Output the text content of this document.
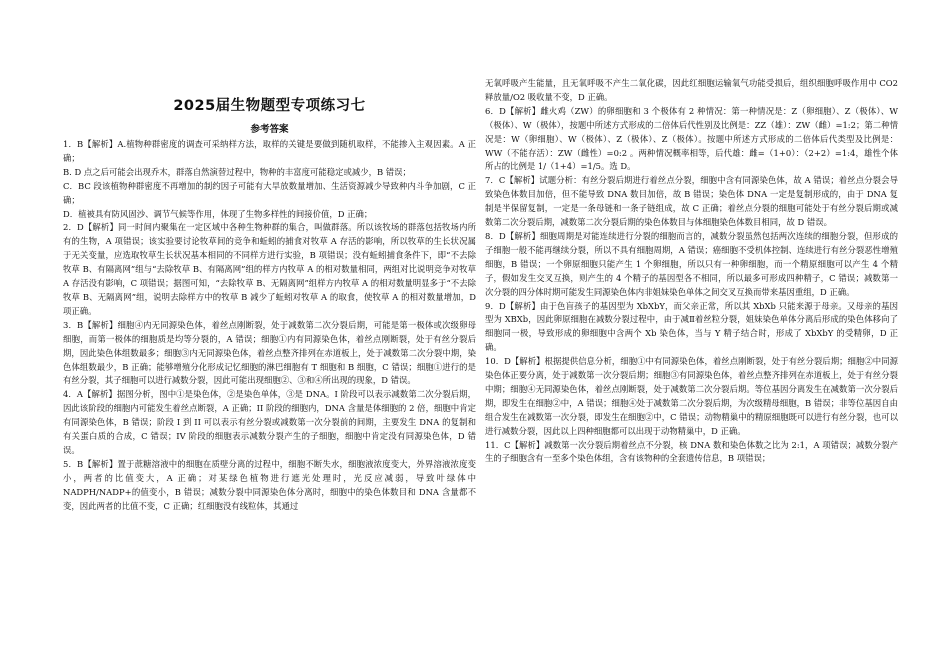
2025届生物题型专项练习七
参考答案

1．B【解析】A.植物种群密度的调查可采纳样方法，取样的关键是要做到随机取样，不能掺入主观因素。A 正确；

B. D 点之后可能会出现乔木，群落自然演替过程中，物种的丰富度可能稳定或减少，B 错误；

C．BC 段该植物种群密度不再增加的制约因子可能有大旱放数量增加、生活资源减少导致种内斗争加剧，C 正确；

D．植被具有防风固沙、调节气候等作用，体现了生物多样性的间接价值，D 正确；

2．D【解析】同一时间内聚集在一定区域中各种生物种群的集合，叫做群落。所以该牧场的群落包括牧场内所有的生物，A 项错误；该实验要讨论牧草间的竞争和蚯蚓的捕食对牧草 A 存活的影响，所以牧草的生长状况属于无关变量，应选取牧草生长状况基本相同的不同样方进行实验，B 项错误；没有蚯蚓捕食条件下，即“不去除牧草 B、有隔离网”组与“去除牧草 B、有隔离网”组的样方内牧草 A 的相对数量相同，两组对比说明竞争对牧草 A 存活没有影响，C 项错误；据图可知，“去除牧草 B、无隔离网”组样方内牧草 A 的相对数量明显多于“不去除牧草 B、无隔离网”组，说明去除样方中的牧草 B 减少了蚯蚓对牧草 A 的取食，使牧草 A 的相对数量增加，D 项正确。

3．B【解析】细胞④内无同源染色体，着丝点刚断裂，处于减数第二次分裂后期，可能是第一极体或次级卵母细胞，而第一极体的细胞质是均等分裂的，A 错误；细胞①内有同源染色体，着丝点刚断裂，处于有丝分裂后期，因此染色体组数最多；细胞③内无同源染色体，着丝点整齐排列在赤道板上，处于减数第二次分裂中期，染色体组数最少，B 正确；能够增殖分化形成记忆细胞的淋巴细胞有 T 细胞和 B 细胞，C 错误；细胞①进行的是有丝分裂，其子细胞可以进行减数分裂，因此可能出现细胞②、③和④所出现的现象，D 错误。

4．A【解析】据图分析，图中①是染色体，②是染色单体，③是 DNA。I 阶段可以表示减数第二次分裂后期，因此该阶段的细胞内可能发生着丝点断裂，A 正确；II 阶段的细胞内，DNA 含量是体细胞的 2 倍，细胞中肯定有同源染色体，B 错误；阶段 I 到 II 可以表示有丝分裂或减数第一次分裂前的间期，主要发生 DNA 的复制和有关蛋白质的合成，C 错误；IV 阶段的细胞表示减数分裂产生的子细胞，细胞中肯定没有同源染色体，D 错误。

5．B【解析】置于蔗糖溶液中的细胞在质壁分离的过程中，细胞不断失水，细胞液浓度变大，外界溶液浓度变小，两者的比值变大，A 正确；对某绿色植物进行遮光处理时，光反应减弱，导致叶绿体中 NADPH/NADP+的值变小，B 错误；减数分裂中同源染色体分离时，细胞中的染色体数目和 DNA 含量都不变，因此两者的比值不变，C 正确；红细胞没有线粒体，其通过

无氧呼吸产生能量，且无氧呼吸不产生二氧化碳，因此红细胞运输氧气功能受损后，组织细胞呼吸作用中 CO2 释放量/O2 吸收量不变，D 正确。

6．D【解析】雌火鸡（ZW）的卵细胞和 3 个极体有 2 种情况：第一种情况是：Z（卵细胞）、Z（极体）、W（极体）、W（极体），按题中所述方式形成的二倍体后代性别及比例是：ZZ（雄）：ZW（雌）=1:2；第二种情况是：W（卵细胞）、W（极体）、Z（极体）、Z（极体）。按题中所述方式形成的二倍体后代类型及比例是：WW（不能存活）：ZW（雌性）=0:2 。两种情况概率相等，后代雄：雌=（1+0）：（2+2）=1:4，雄性个体所占的比例是 1/（1+4）=1/5。选 D。

7．C【解析】试题分析：有丝分裂后期进行着丝点分裂，细胞中含有同源染色体，故 A 错误；着丝点分裂会导致染色体数目加倍，但不能导致 DNA 数目加倍，故 B 错误；染色体 DNA 一定是复制形成的，由于 DNA 复制是半保留复制，一定是一条母链和一条子链组成，故 C 正确；着丝点分裂的细胞可能处于有丝分裂后期或减数第二次分裂后期，减数第二次分裂后期的染色体数目与体细胞染色体数目相同，故 D 错误。

8．D【解析】细胞周期是对能连续进行分裂的细胞而言的，减数分裂虽然包括两次连续的细胞分裂，但形成的子细胞一般不能再继续分裂，所以不具有细胞周期，A 错误；癌细胞不受机体控制、连续进行有丝分裂恶性增殖细胞，B 错误；一个卵原细胞只能产生 1 个卵细胞，所以只有一种卵细胞，而一个精原细胞可以产生 4 个精子，假如发生交叉互换，则产生的 4 个精子的基因型各不相同，所以最多可形成四种精子，C 错误；减数第一次分裂的四分体时期可能发生同源染色体内非姐妹染色单体之间交叉互换而带来基因重组，D 正确。

9．D【解析】由于色盲孩子的基因型为 XbXbY，而父亲正常，所以其 XbXb 只能来源于母亲。又母亲的基因型为 XBXb，因此卵原细胞在减数分裂过程中，由于减Ⅱ着丝粒分裂，姐妹染色单体分离后形成的染色体移向了细胞同一极，导致形成的卵细胞中含两个 Xb 染色体，当与 Y 精子结合时，形成了 XbXbY 的受精卵，D 正确。

10．D【解析】根据提供信息分析，细胞①中有同源染色体，着丝点刚断裂，处于有丝分裂后期；细胞②中同源染色体正要分离，处于减数第一次分裂后期；细胞③有同源染色体，着丝点整齐排列在赤道板上，处于有丝分裂中期；细胞④无同源染色体，着丝点刚断裂，处于减数第二次分裂后期。等位基因分离发生在减数第一次分裂后期，即发生在细胞②中，A 错误；细胞④处于减数第二次分裂后期，为次级精母细胞，B 错误；非等位基因自由组合发生在减数第一次分裂，即发生在细胞②中，C 错误；动物精巢中的精原细胞既可以进行有丝分裂，也可以进行减数分裂，因此以上四种细胞都可以出现于动物精巢中，D 正确。

11．C【解析】减数第一次分裂后期着丝点不分裂，核 DNA 数和染色体数之比为 2:1，A 项错误；减数分裂产生的子细胞含有一至多个染色体组，含有该物种的全套遗传信息，B 项错误；
